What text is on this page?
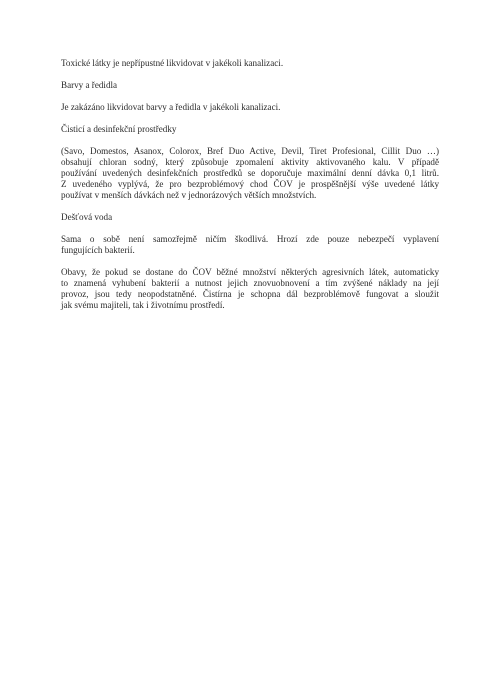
Toxické látky je nepřípustné likvidovat v jakékoli kanalizaci.

Barvy a ředidla

Je zakázáno likvidovat barvy a ředidla v jakékoli kanalizaci.

Čisticí a desinfekční prostředky

(Savo, Domestos, Asanox, Colorox, Bref Duo Active, Devil, Tiret Profesional, Cillit Duo …)
obsahují chloran sodný, který způsobuje zpomalení aktivity aktivovaného kalu. V případě
používání uvedených desinfekčních prostředků se doporučuje maximální denní dávka 0,1 litrů.
Z uvedeného vyplývá, že pro bezproblémový chod ČOV je prospěšnější výše uvedené látky
používat v menších dávkách než v jednorázových větších množstvích.

Dešťová voda

Sama o sobě není samozřejmě ničím škodlivá. Hrozí zde pouze nebezpečí vyplavení
fungujících bakterií.

Obavy, že pokud se dostane do ČOV běžné množství některých agresivních látek, automaticky
to znamená vyhubení bakterií a nutnost jejich znovuobnovení a tím zvýšené náklady na její
provoz, jsou tedy neopodstatněné. Čistírna je schopna dál bezproblémově fungovat a sloužit
jak svému majiteli, tak i životnímu prostředí.
